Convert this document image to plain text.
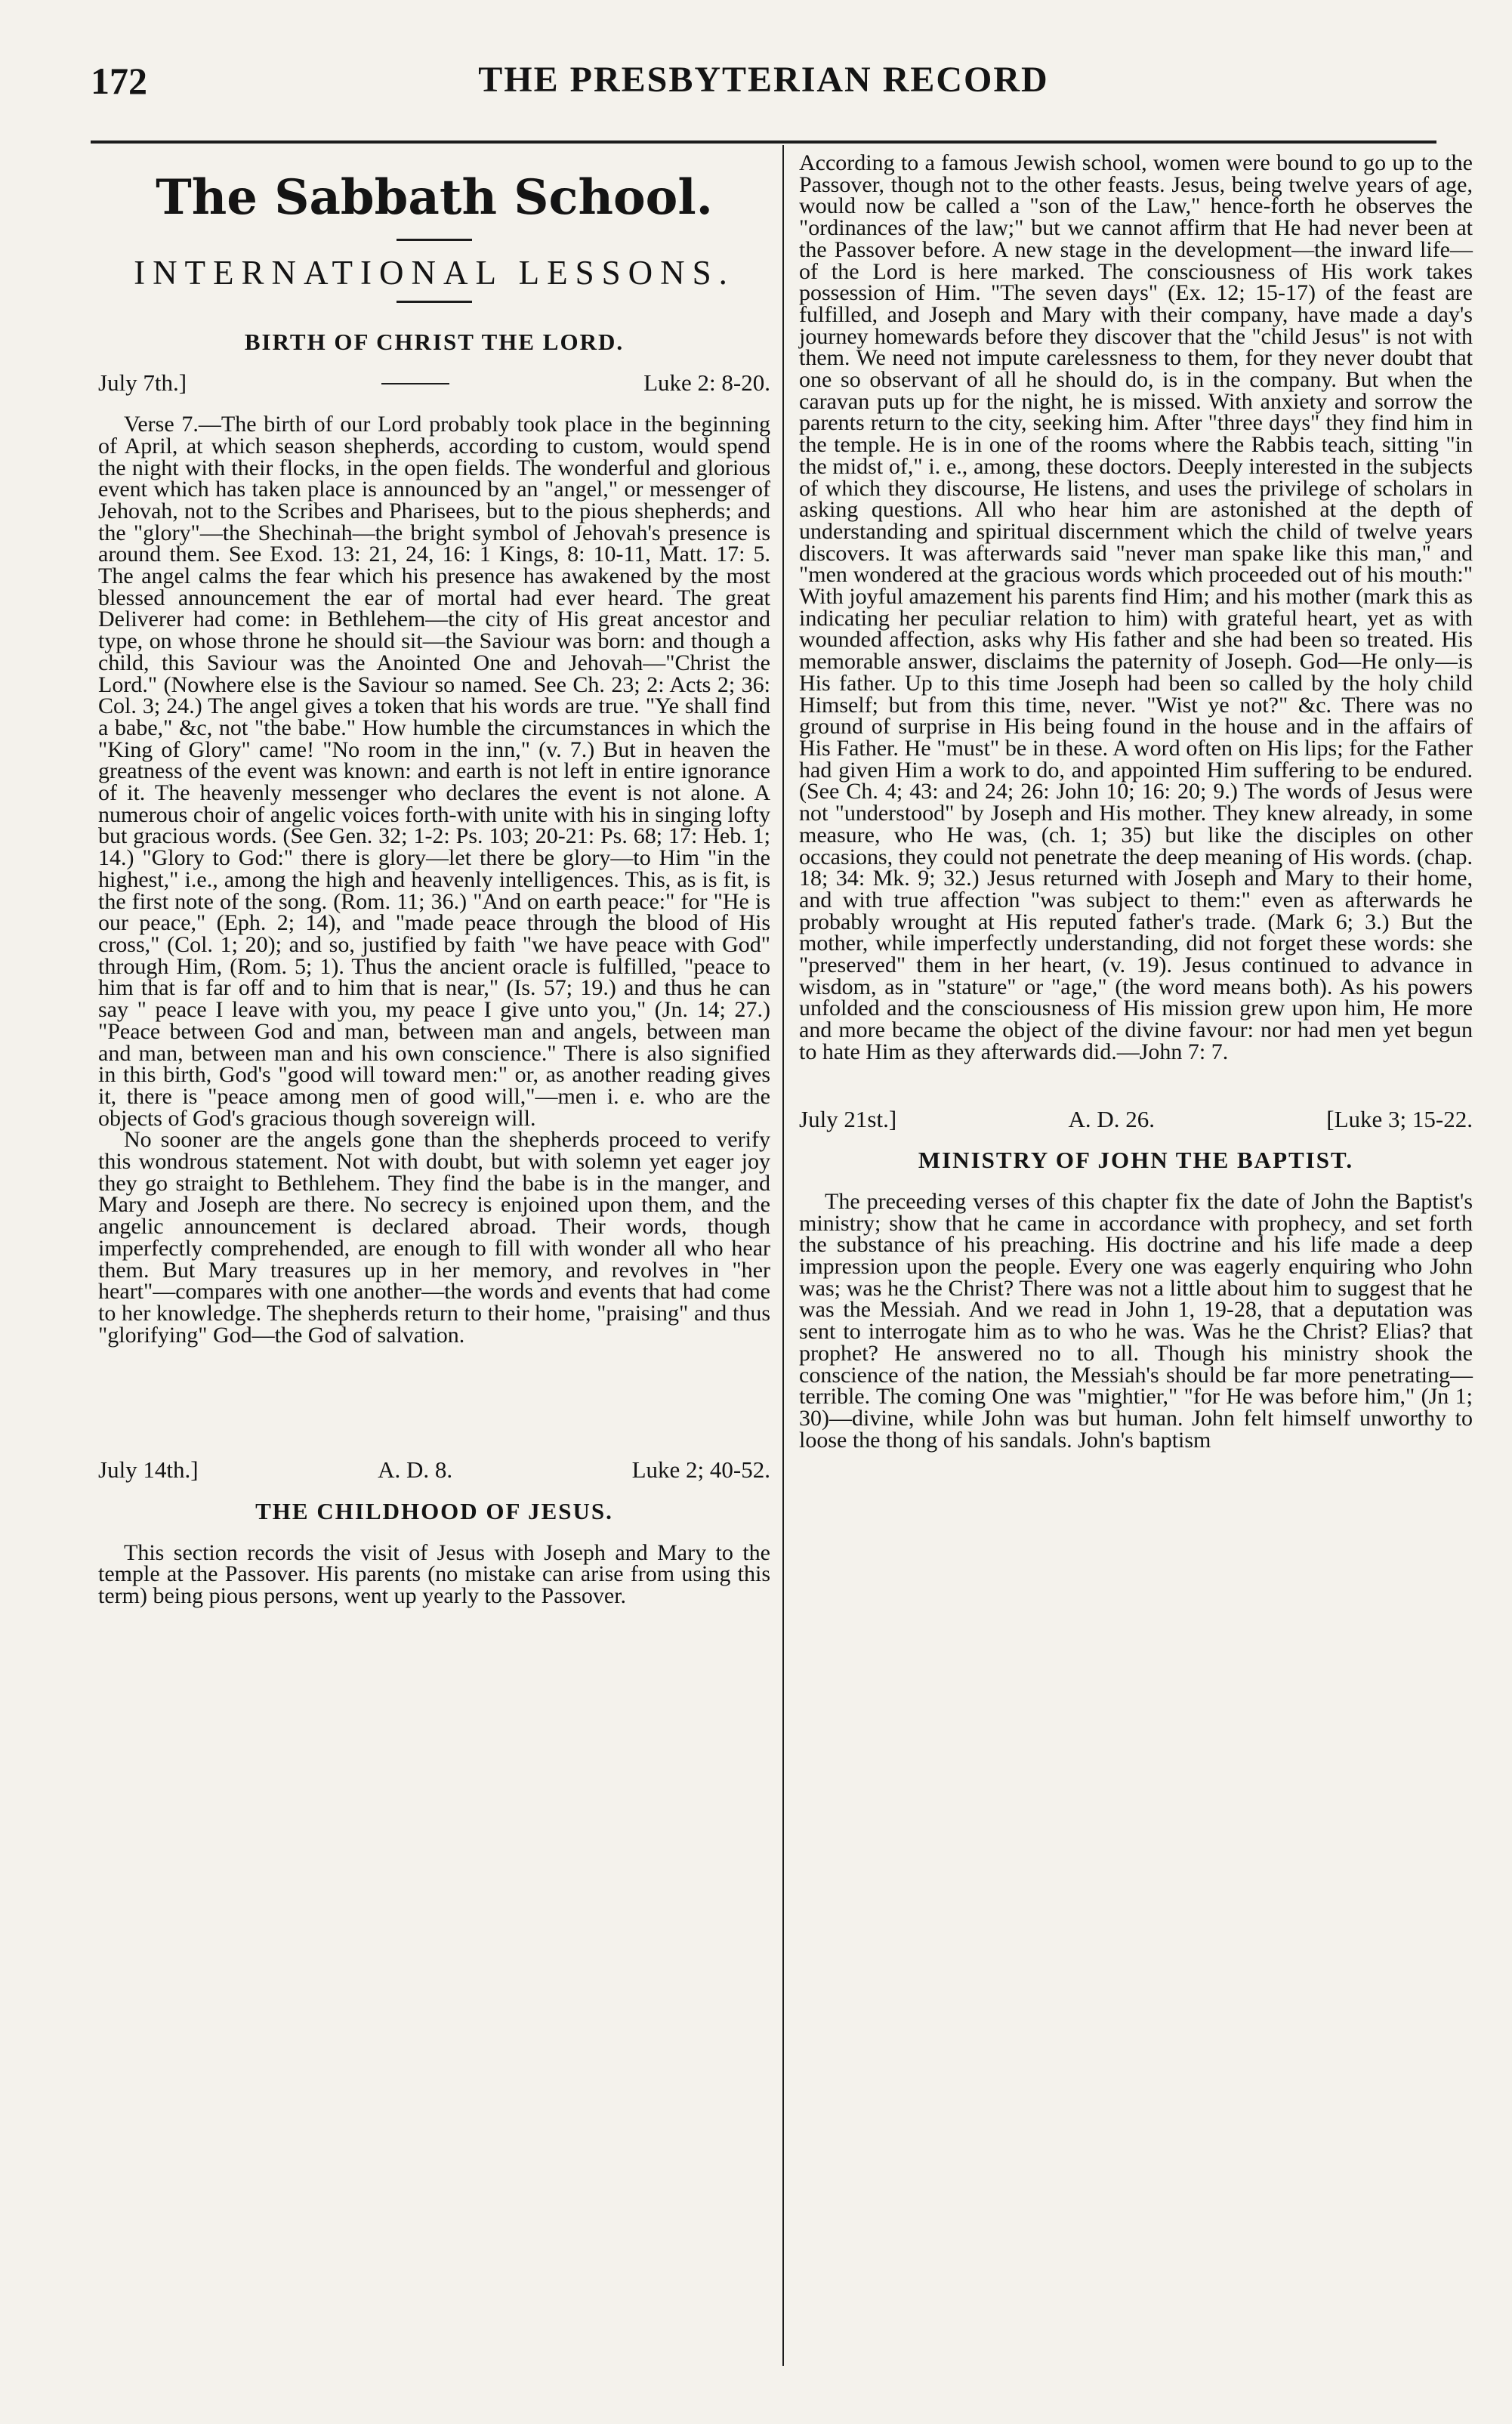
172	THE PRESBYTERIAN RECORD
The Sabbath School.
INTERNATIONAL LESSONS.
BIRTH OF CHRIST THE LORD.
July 7th.]	Luke 2: 8-20.

Verse 7.—The birth of our Lord probably took place in the beginning of April, at which season shepherds, according to custom, would spend the night with their flocks, in the open fields. The wonderful and glorious event which has taken place is announced by an "angel," or messenger of Jehovah, not to the Scribes and Pharisees, but to the pious shepherds; and the "glory"—the Shechinah—the bright symbol of Jehovah's presence is around them. See Exod. 13: 21, 24, 16: 1 Kings, 8: 10-11, Matt. 17: 5. The angel calms the fear which his presence has awakened by the most blessed announcement the ear of mortal had ever heard. The great Deliverer had come: in Bethlehem—the city of His great ancestor and type, on whose throne he should sit—the Saviour was born: and though a child, this Saviour was the Anointed One and Jehovah—"Christ the Lord." (Nowhere else is the Saviour so named. See Ch. 23; 2: Acts 2; 36: Col. 3; 24.) The angel gives a token that his words are true. "Ye shall find a babe," &c, not "the babe." How humble the circumstances in which the "King of Glory" came! "No room in the inn," (v. 7.) But in heaven the greatness of the event was known: and earth is not left in entire ignorance of it. The heavenly messenger who declares the event is not alone. A numerous choir of angelic voices forth-with unite with his in singing lofty but gracious words. (See Gen. 32; 1-2: Ps. 103; 20-21: Ps. 68; 17: Heb. 1; 14.) "Glory to God:" there is glory—let there be glory—to Him "in the highest," i.e., among the high and heavenly intelligences. This, as is fit, is the first note of the song. (Rom. 11; 36.) "And on earth peace:" for "He is our peace," (Eph. 2; 14), and "made peace through the blood of His cross," (Col. 1; 20); and so, justified by faith "we have peace with God" through Him, (Rom. 5; 1). Thus the ancient oracle is fulfilled, "peace to him that is far off and to him that is near," (Is. 57; 19.) and thus he can say " peace I leave with you, my peace I give unto you," (Jn. 14; 27.) "Peace between God and man, between man and angels, between man and man, between man and his own conscience." There is also signified in this birth, God's "good will toward men:" or, as another reading gives it, there is "peace among men of good will,"—men i. e. who are the objects of God's gracious though sovereign will.

No sooner are the angels gone than the shepherds proceed to verify this wondrous statement. Not with doubt, but with solemn yet eager joy they go straight to Bethlehem. They find the babe is in the manger, and Mary and Joseph are there. No secrecy is enjoined upon them, and the angelic announcement is declared abroad. Their words, though imperfectly comprehended, are enough to fill with wonder all who hear them. But Mary treasures up in her memory, and revolves in "her heart"—compares with one another—the words and events that had come to her knowledge. The shepherds return to their home, "praising" and thus "glorifying" God—the God of salvation.

July 14th.]	A. D. 8.	Luke 2; 40-52.
THE CHILDHOOD OF JESUS.

This section records the visit of Jesus with Joseph and Mary to the temple at the Passover. His parents (no mistake can arise from using this term) being pious persons, went up yearly to the Passover.

According to a famous Jewish school, women were bound to go up to the Passover, though not to the other feasts. Jesus, being twelve years of age, would now be called a "son of the Law," hence-forth he observes the "ordinances of the law;" but we cannot affirm that He had never been at the Passover before. A new stage in the development—the inward life—of the Lord is here marked. The consciousness of His work takes possession of Him. "The seven days" (Ex. 12; 15-17) of the feast are fulfilled, and Joseph and Mary with their company, have made a day's journey homewards before they discover that the "child Jesus" is not with them. We need not impute carelessness to them, for they never doubt that one so observant of all he should do, is in the company. But when the caravan puts up for the night, he is missed. With anxiety and sorrow the parents return to the city, seeking him. After "three days" they find him in the temple. He is in one of the rooms where the Rabbis teach, sitting "in the midst of," i. e., among, these doctors. Deeply interested in the subjects of which they discourse, He listens, and uses the privilege of scholars in asking questions. All who hear him are astonished at the depth of understanding and spiritual discernment which the child of twelve years discovers. It was afterwards said "never man spake like this man," and "men wondered at the gracious words which proceeded out of his mouth:" With joyful amazement his parents find Him; and his mother (mark this as indicating her peculiar relation to him) with grateful heart, yet as with wounded affection, asks why His father and she had been so treated. His memorable answer, disclaims the paternity of Joseph. God—He only—is His father. Up to this time Joseph had been so called by the holy child Himself; but from this time, never. "Wist ye not?" &c. There was no ground of surprise in His being found in the house and in the affairs of His Father. He "must" be in these. A word often on His lips; for the Father had given Him a work to do, and appointed Him suffering to be endured. (See Ch. 4; 43: and 24; 26: John 10; 16: 20; 9.) The words of Jesus were not "understood" by Joseph and His mother. They knew already, in some measure, who He was, (ch. 1; 35) but like the disciples on other occasions, they could not penetrate the deep meaning of His words. (chap. 18; 34: Mk. 9; 32.) Jesus returned with Joseph and Mary to their home, and with true affection "was subject to them:" even as afterwards he probably wrought at His reputed father's trade. (Mark 6; 3.) But the mother, while imperfectly understanding, did not forget these words: she "preserved" them in her heart, (v. 19). Jesus continued to advance in wisdom, as in "stature" or "age," (the word means both). As his powers unfolded and the consciousness of His mission grew upon him, He more and more became the object of the divine favour: nor had men yet begun to hate Him as they afterwards did.—John 7: 7.

July 21st.]	A. D. 26.	[Luke 3; 15-22.
MINISTRY OF JOHN THE BAPTIST.

The preceeding verses of this chapter fix the date of John the Baptist's ministry; show that he came in accordance with prophecy, and set forth the substance of his preaching. His doctrine and his life made a deep impression upon the people. Every one was eagerly enquiring who John was; was he the Christ? There was not a little about him to suggest that he was the Messiah. And we read in John 1, 19-28, that a deputation was sent to interrogate him as to who he was. Was he the Christ? Elias? that prophet? He answered no to all. Though his ministry shook the conscience of the nation, the Messiah's should be far more penetrating—terrible. The coming One was "mightier," "for He was before him," (Jn 1; 30)—divine, while John was but human. John felt himself unworthy to loose the thong of his sandals. John's baptism
